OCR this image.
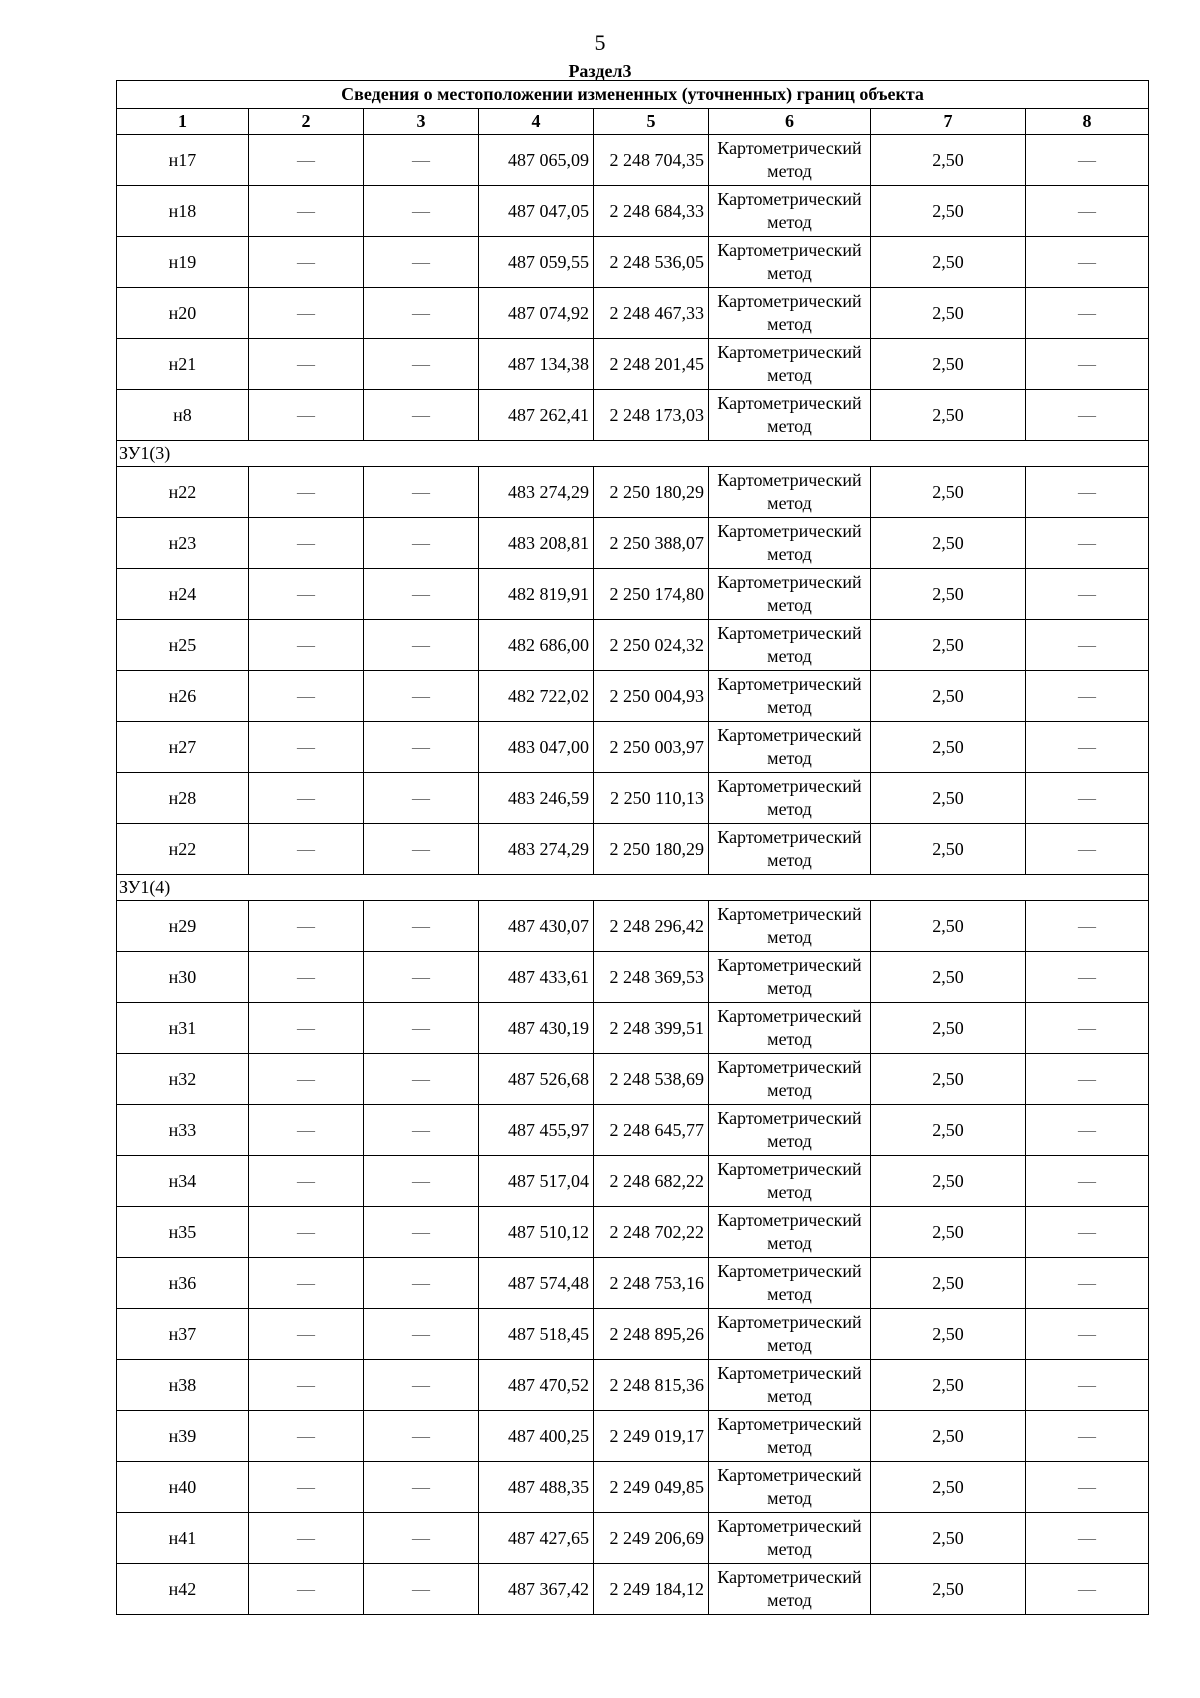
5
Раздел3
Сведения о местоположении измененных (уточненных) границ объекта							
1	2	3	4	5	6	7	8
н17	—	—	487 065,09	2 248 704,35	Картометрический метод	2,50	—
н18	—	—	487 047,05	2 248 684,33	Картометрический метод	2,50	—
н19	—	—	487 059,55	2 248 536,05	Картометрический метод	2,50	—
н20	—	—	487 074,92	2 248 467,33	Картометрический метод	2,50	—
н21	—	—	487 134,38	2 248 201,45	Картометрический метод	2,50	—
н8	—	—	487 262,41	2 248 173,03	Картометрический метод	2,50	—
ЗУ1(3)							
н22	—	—	483 274,29	2 250 180,29	Картометрический метод	2,50	—
н23	—	—	483 208,81	2 250 388,07	Картометрический метод	2,50	—
н24	—	—	482 819,91	2 250 174,80	Картометрический метод	2,50	—
н25	—	—	482 686,00	2 250 024,32	Картометрический метод	2,50	—
н26	—	—	482 722,02	2 250 004,93	Картометрический метод	2,50	—
н27	—	—	483 047,00	2 250 003,97	Картометрический метод	2,50	—
н28	—	—	483 246,59	2 250 110,13	Картометрический метод	2,50	—
н22	—	—	483 274,29	2 250 180,29	Картометрический метод	2,50	—
ЗУ1(4)							
н29	—	—	487 430,07	2 248 296,42	Картометрический метод	2,50	—
н30	—	—	487 433,61	2 248 369,53	Картометрический метод	2,50	—
н31	—	—	487 430,19	2 248 399,51	Картометрический метод	2,50	—
н32	—	—	487 526,68	2 248 538,69	Картометрический метод	2,50	—
н33	—	—	487 455,97	2 248 645,77	Картометрический метод	2,50	—
н34	—	—	487 517,04	2 248 682,22	Картометрический метод	2,50	—
н35	—	—	487 510,12	2 248 702,22	Картометрический метод	2,50	—
н36	—	—	487 574,48	2 248 753,16	Картометрический метод	2,50	—
н37	—	—	487 518,45	2 248 895,26	Картометрический метод	2,50	—
н38	—	—	487 470,52	2 248 815,36	Картометрический метод	2,50	—
н39	—	—	487 400,25	2 249 019,17	Картометрический метод	2,50	—
н40	—	—	487 488,35	2 249 049,85	Картометрический метод	2,50	—
н41	—	—	487 427,65	2 249 206,69	Картометрический метод	2,50	—
н42	—	—	487 367,42	2 249 184,12	Картометрический метод	2,50	—
